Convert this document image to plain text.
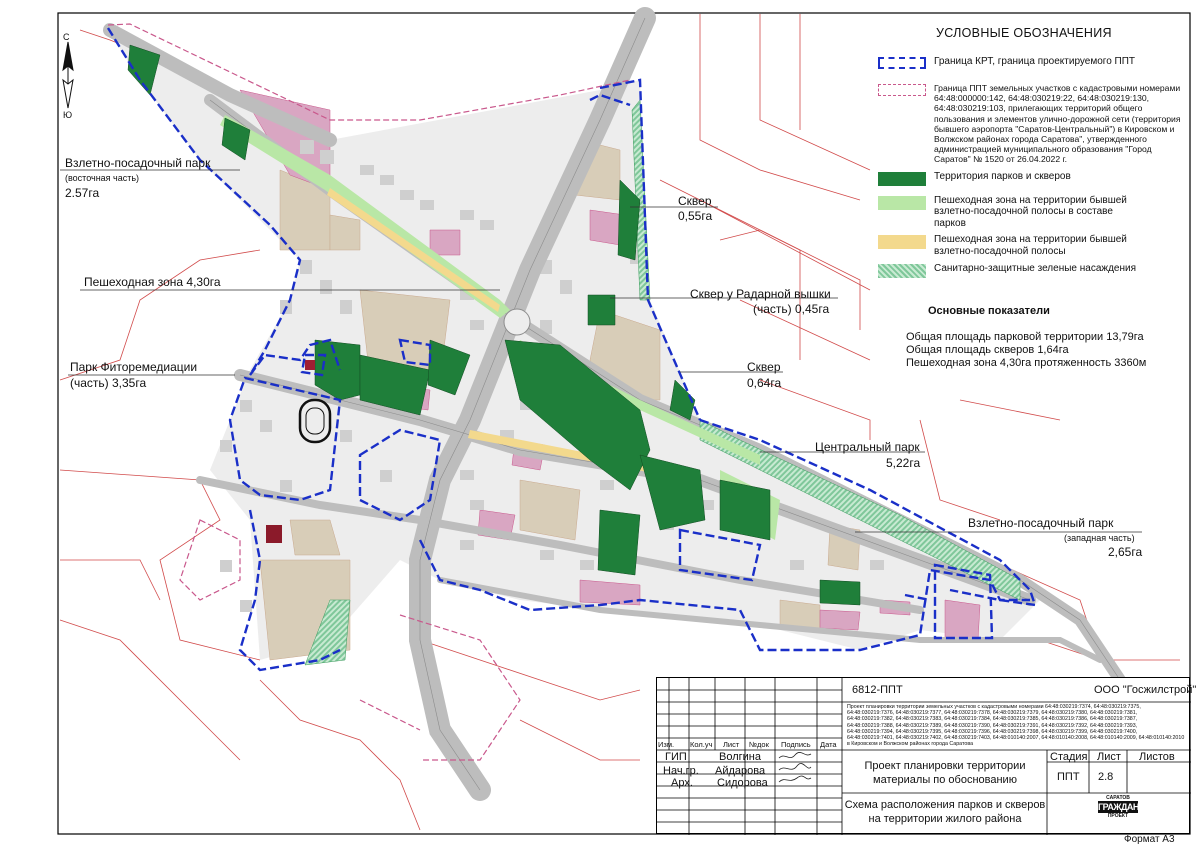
С
Ю
Взлетно-посадочный парк
(восточная часть)
2.57га
Пешеходная зона 4,30га
Парк Фиторемедиации
(часть) 3,35га
Сквер
0,55га
Сквер у Радарной вышки
(часть) 0,45га
Сквер
0,64га
Центральный парк
5,22га
Взлетно-посадочный парк
(западная часть)
2,65га
УСЛОВНЫЕ ОБОЗНАЧЕНИЯ
Граница КРТ, граница проектируемого ППТ
Граница ППТ земельных участков с кадастровыми номерами 64:48:000000:142, 64:48:030219:22, 64:48:030219:130, 64:48:030219:103, прилегающих территорий общего пользования и элементов улично-дорожной сети (территория бывшего аэропорта "Саратов-Центральный") в Кировском и Волжском районах города Саратова", утвержденного администрацией муниципального образования "Город Саратов" № 1520 от 26.04.2022 г.
Территория парков и скверов
Пешеходная зона на территории бывшей взлетно-посадочной полосы в составе парков
Пешеходная зона на территории бывшей взлетно-посадочной полосы
Санитарно-защитные зеленые насаждения
Основные показатели
Общая площадь парковой территории 13,79га
Общая площадь скверов 1,64га
Пешеходная зона 4,30га протяженность 3360м
6812-ППТ	ООО "Госжилстрой"
Проект планировки территории земельных участков с кадастровыми номерами 64:48:030219:7374, 64:48:030219:7375, 64:48:030219:7376, 64:48:030219:7377, 64:48:030219:7378, 64:48:030219:7379, 64:48:030219:7380, 64:48:030219:7381, 64:48:030219:7382, 64:48:030219:7383, 64:48:030219:7384, 64:48:030219:7385, 64:48:030219:7386, 64:48:030219:7387, 64:48:030219:7388, 64:48:030219:7389, 64:48:030219:7390, 64:48:030219:7391, 64:48:030219:7392, 64:48:030219:7393, 64:48:030219:7394, 64:48:030219:7395, 64:48:030219:7396, 64:48:030219:7398, 64:48:030219:7399, 64:48:030219:7400, 64:48:030219:7401, 64:48:030219:7402, 64:48:030219:7403, 64:48:010140:2007, 64:48:010140:2008, 64:48:010140:2009, 64:48:010140:2010 в Кировском и Волжском районах города Саратова
Изм. Кол.уч Лист №док Подпись Дата
ГИП
Нач.гр.
Арх.
Волгина
Айдарова
Сидорова
Проект планировки территории
материалы по обоснованию
Стадия Лист Листов
ППТ 2.8
Схема расположения парков и скверов
на территории жилого района
САРАТОВ
ГРАЖДАН
ПРОЕКТ
Формат А3
